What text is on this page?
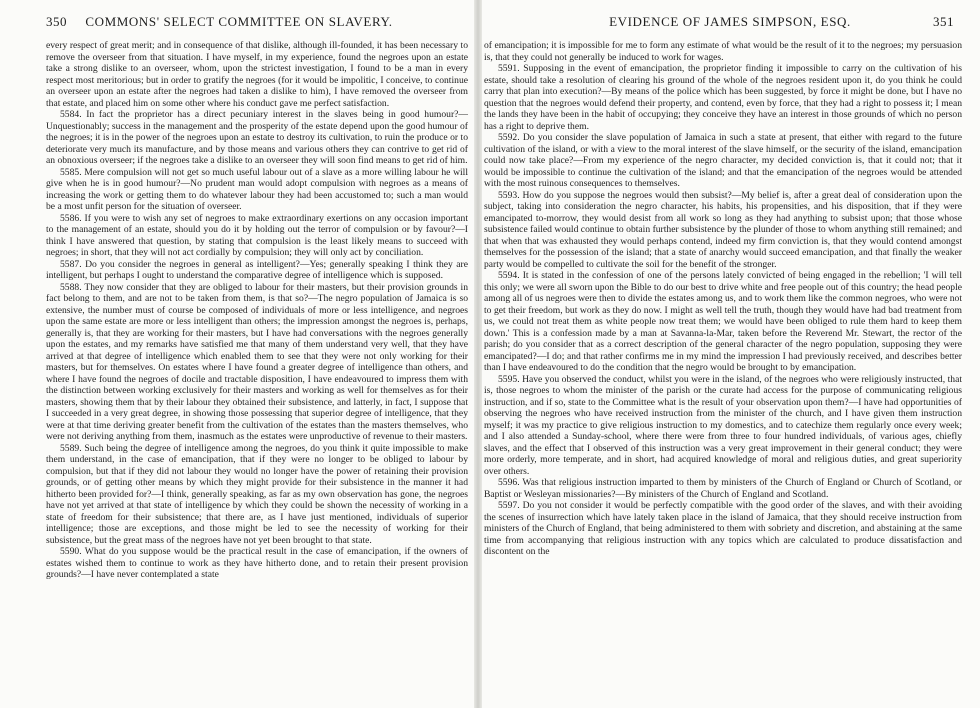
350	COMMONS' SELECT COMMITTEE ON SLAVERY.

every respect of great merit; and in consequence of that dislike, although ill-founded, it has been necessary to remove the overseer from that situation. I have myself, in my experience, found the negroes upon an estate take a strong dislike to an overseer, whom, upon the strictest investigation, I found to be a man in every respect most meritorious; but in order to gratify the negroes (for it would be impolitic, I conceive, to continue an overseer upon an estate after the negroes had taken a dislike to him), I have removed the overseer from that estate, and placed him on some other where his conduct gave me perfect satisfaction.

5584. In fact the proprietor has a direct pecuniary interest in the slaves being in good humour?—Unquestionably; success in the management and the prosperity of the estate depend upon the good humour of the negroes; it is in the power of the negroes upon an estate to destroy its cultivation, to ruin the produce or to deteriorate very much its manufacture, and by those means and various others they can contrive to get rid of an obnoxious overseer; if the negroes take a dislike to an overseer they will soon find means to get rid of him.

5585. Mere compulsion will not get so much useful labour out of a slave as a more willing labour he will give when he is in good humour?—No prudent man would adopt compulsion with negroes as a means of increasing the work or getting them to do whatever labour they had been accustomed to; such a man would be a most unfit person for the situation of overseer.

5586. If you were to wish any set of negroes to make extraordinary exertions on any occasion important to the management of an estate, should you do it by holding out the terror of compulsion or by favour?—I think I have answered that question, by stating that compulsion is the least likely means to succeed with negroes; in short, that they will not act cordially by compulsion; they will only act by conciliation.

5587. Do you consider the negroes in general as intelligent?—Yes; generally speaking I think they are intelligent, but perhaps I ought to understand the comparative degree of intelligence which is supposed.

5588. They now consider that they are obliged to labour for their masters, but their provision grounds in fact belong to them, and are not to be taken from them, is that so?—The negro population of Jamaica is so extensive, the number must of course be composed of individuals of more or less intelligence, and negroes upon the same estate are more or less intelligent than others; the impression amongst the negroes is, perhaps, generally is, that they are working for their masters, but I have had conversations with the negroes generally upon the estates, and my remarks have satisfied me that many of them understand very well, that they have arrived at that degree of intelligence which enabled them to see that they were not only working for their masters, but for themselves. On estates where I have found a greater degree of intelligence than others, and where I have found the negroes of docile and tractable disposition, I have endeavoured to impress them with the distinction between working exclusively for their masters and working as well for themselves as for their masters, showing them that by their labour they obtained their subsistence, and latterly, in fact, I suppose that I succeeded in a very great degree, in showing those possessing that superior degree of intelligence, that they were at that time deriving greater benefit from the cultivation of the estates than the masters themselves, who were not deriving anything from them, inasmuch as the estates were unproductive of revenue to their masters.

5589. Such being the degree of intelligence among the negroes, do you think it quite impossible to make them understand, in the case of emancipation, that if they were no longer to be obliged to labour by compulsion, but that if they did not labour they would no longer have the power of retaining their provision grounds, or of getting other means by which they might provide for their subsistence in the manner it had hitherto been provided for?—I think, generally speaking, as far as my own observation has gone, the negroes have not yet arrived at that state of intelligence by which they could be shown the necessity of working in a state of freedom for their subsistence; that there are, as I have just mentioned, individuals of superior intelligence; those are exceptions, and those might be led to see the necessity of working for their subsistence, but the great mass of the negroes have not yet been brought to that state.

5590. What do you suppose would be the practical result in the case of emancipation, if the owners of estates wished them to continue to work as they have hitherto done, and to retain their present provision grounds?—I have never contemplated a state

EVIDENCE OF JAMES SIMPSON, ESQ.	351

of emancipation; it is impossible for me to form any estimate of what would be the result of it to the negroes; my persuasion is, that they could not generally be induced to work for wages.

5591. Supposing in the event of emancipation, the proprietor finding it impossible to carry on the cultivation of his estate, should take a resolution of clearing his ground of the whole of the negroes resident upon it, do you think he could carry that plan into execution?—By means of the police which has been suggested, by force it might be done, but I have no question that the negroes would defend their property, and contend, even by force, that they had a right to possess it; I mean the lands they have been in the habit of occupying; they conceive they have an interest in those grounds of which no person has a right to deprive them.

5592. Do you consider the slave population of Jamaica in such a state at present, that either with regard to the future cultivation of the island, or with a view to the moral interest of the slave himself, or the security of the island, emancipation could now take place?—From my experience of the negro character, my decided conviction is, that it could not; that it would be impossible to continue the cultivation of the island; and that the emancipation of the negroes would be attended with the most ruinous consequences to themselves.

5593. How do you suppose the negroes would then subsist?—My belief is, after a great deal of consideration upon the subject, taking into consideration the negro character, his habits, his propensities, and his disposition, that if they were emancipated to-morrow, they would desist from all work so long as they had anything to subsist upon; that those whose subsistence failed would continue to obtain further subsistence by the plunder of those to whom anything still remained; and that when that was exhausted they would perhaps contend, indeed my firm conviction is, that they would contend amongst themselves for the possession of the island; that a state of anarchy would succeed emancipation, and that finally the weaker party would be compelled to cultivate the soil for the benefit of the stronger.

5594. It is stated in the confession of one of the persons lately convicted of being engaged in the rebellion; 'I will tell this only; we were all sworn upon the Bible to do our best to drive white and free people out of this country; the head people among all of us negroes were then to divide the estates among us, and to work them like the common negroes, who were not to get their freedom, but work as they do now. I might as well tell the truth, though they would have had bad treatment from us, we could not treat them as white people now treat them; we would have been obliged to rule them hard to keep them down.' This is a confession made by a man at Savanna-la-Mar, taken before the Reverend Mr. Stewart, the rector of the parish; do you consider that as a correct description of the general character of the negro population, supposing they were emancipated?—I do; and that rather confirms me in my mind the impression I had previously received, and describes better than I have endeavoured to do the condition that the negro would be brought to by emancipation.

5595. Have you observed the conduct, whilst you were in the island, of the negroes who were religiously instructed, that is, those negroes to whom the minister of the parish or the curate had access for the purpose of communicating religious instruction, and if so, state to the Committee what is the result of your observation upon them?—I have had opportunities of observing the negroes who have received instruction from the minister of the church, and I have given them instruction myself; it was my practice to give religious instruction to my domestics, and to catechize them regularly once every week; and I also attended a Sunday-school, where there were from three to four hundred individuals, of various ages, chiefly slaves, and the effect that I observed of this instruction was a very great improvement in their general conduct; they were more orderly, more temperate, and in short, had acquired knowledge of moral and religious duties, and great superiority over others.

5596. Was that religious instruction imparted to them by ministers of the Church of England or Church of Scotland, or Baptist or Wesleyan missionaries?—By ministers of the Church of England and Scotland.

5597. Do you not consider it would be perfectly compatible with the good order of the slaves, and with their avoiding the scenes of insurrection which have lately taken place in the island of Jamaica, that they should receive instruction from ministers of the Church of England, that being administered to them with sobriety and discretion, and abstaining at the same time from accompanying that religious instruction with any topics which are calculated to produce dissatisfaction and discontent on the
